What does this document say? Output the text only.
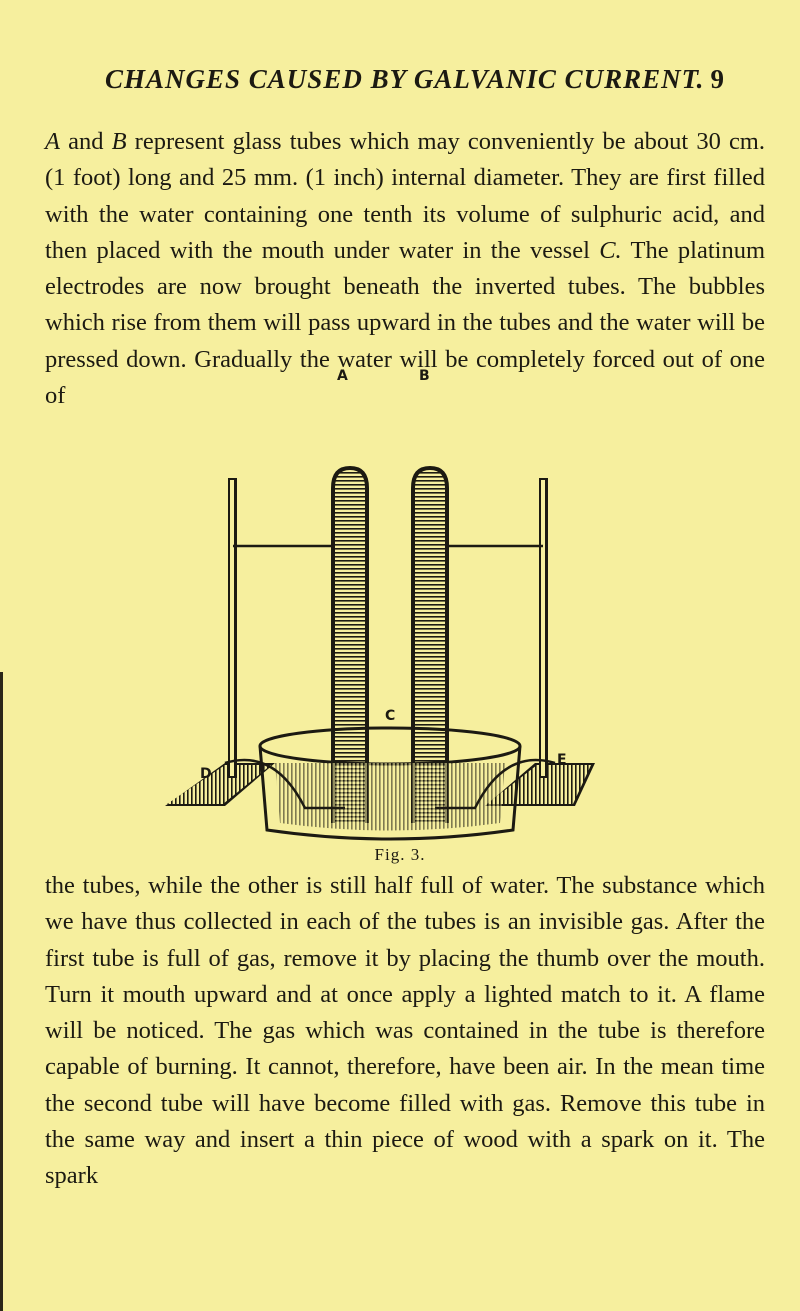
CHANGES CAUSED BY GALVANIC CURRENT. 9

A and B represent glass tubes which may conveniently be about 30 cm. (1 foot) long and 25 mm. (1 inch) internal diameter. They are first filled with the water containing one tenth its volume of sulphuric acid, and then placed with the mouth under water in the vessel C. The platinum electrodes are now brought beneath the inverted tubes. The bubbles which rise from them will pass upward in the tubes and the water will be pressed down. Gradually the water will be completely forced out of one of

A	B
C
D
E
Fig. 3.

the tubes, while the other is still half full of water. The substance which we have thus collected in each of the tubes is an invisible gas. After the first tube is full of gas, remove it by placing the thumb over the mouth. Turn it mouth upward and at once apply a lighted match to it. A flame will be noticed. The gas which was contained in the tube is therefore capable of burning. It cannot, therefore, have been air. In the mean time the second tube will have become filled with gas. Remove this tube in the same way and insert a thin piece of wood with a spark on it. The spark
